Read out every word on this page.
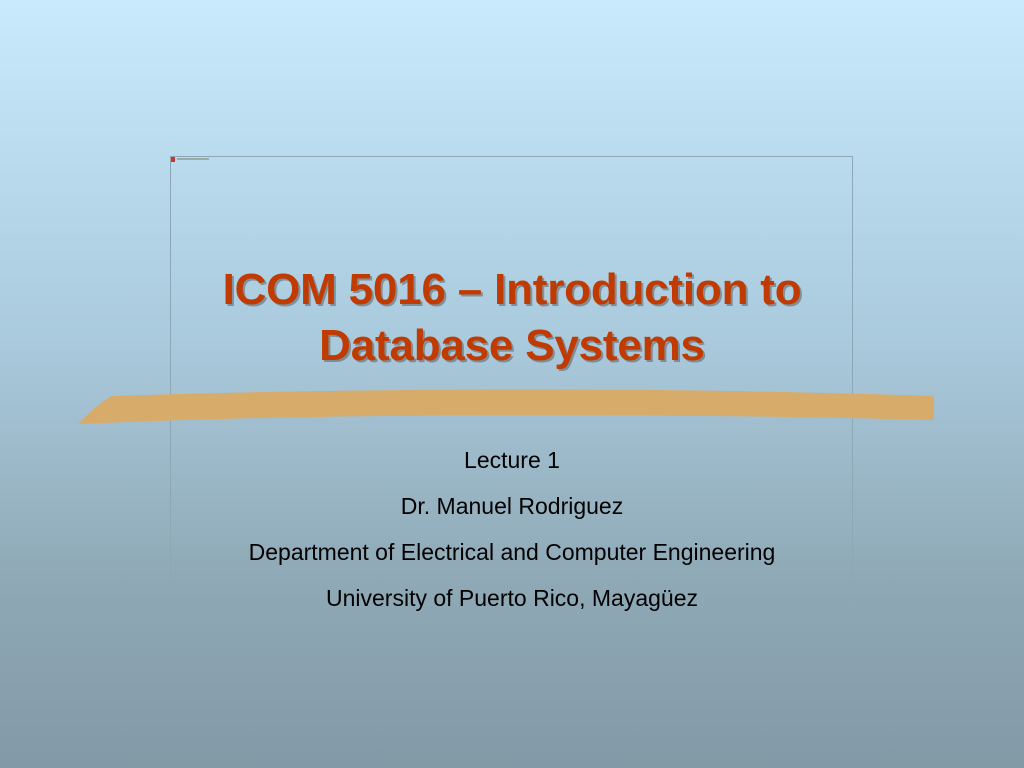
ICOM 5016 – Introduction to
Database Systems
Lecture 1
Dr. Manuel Rodriguez
Department of Electrical and Computer Engineering
University of Puerto Rico, Mayagüez
